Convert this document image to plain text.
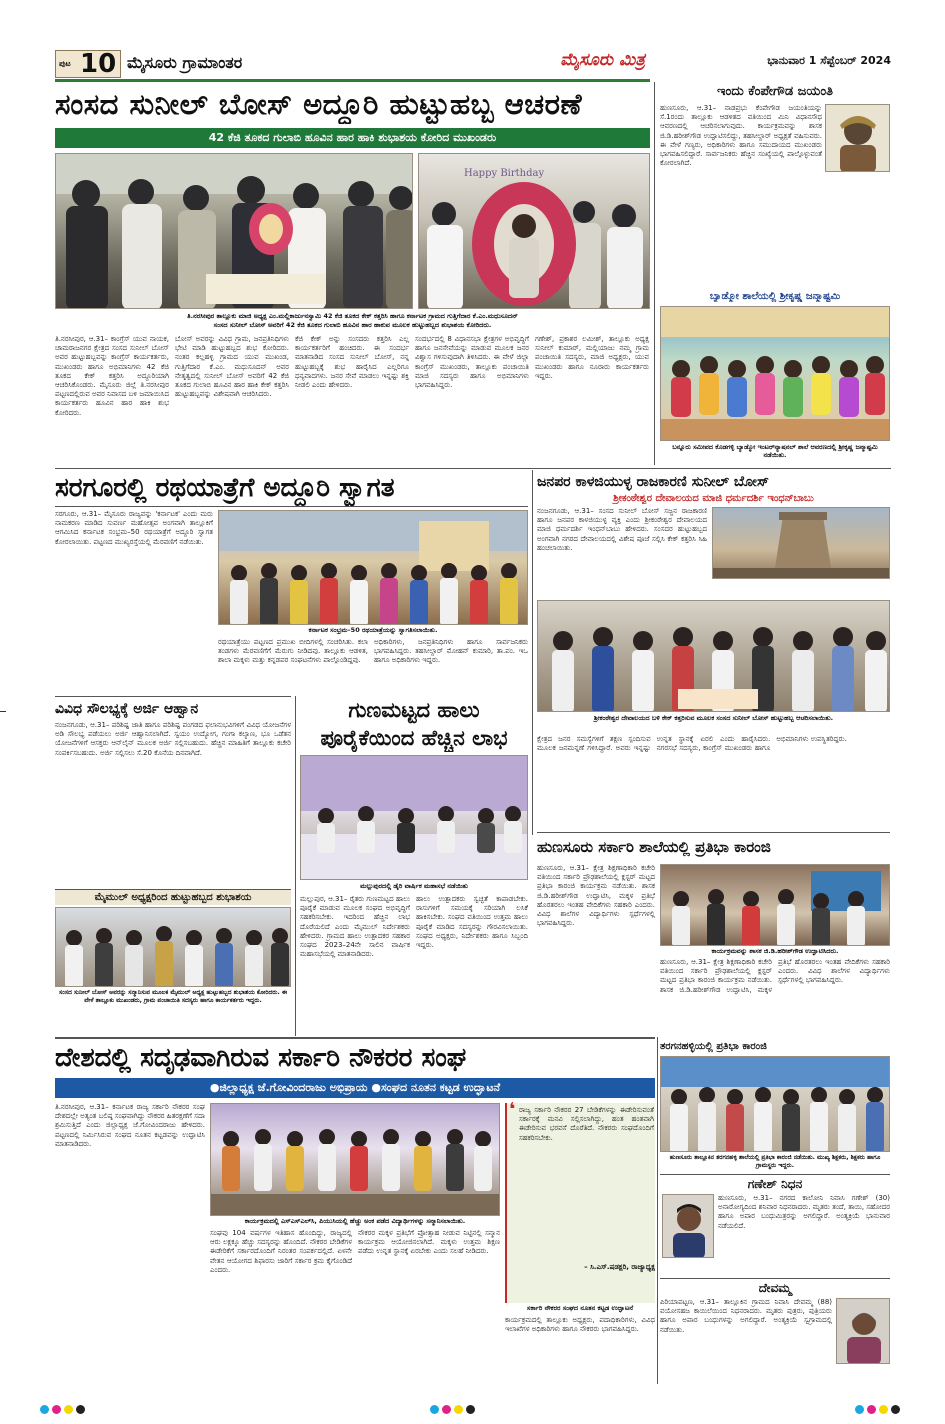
ಪುಟ 10 ಮೈಸೂರು ಗ್ರಾಮಾಂತರ	ಮೈಸೂರು ಮಿತ್ರ	ಭಾನುವಾರ 1 ಸೆಪ್ಟೆಂಬರ್ 2024
ಸಂಸದ ಸುನೀಲ್ ಬೋಸ್ ಅದ್ದೂರಿ ಹುಟ್ಟುಹಬ್ಬ ಆಚರಣೆ
42 ಕೆಜಿ ತೂಕದ ಗುಲಾಬಿ ಹೂವಿನ ಹಾರ ಹಾಕಿ ಶುಭಾಶಯ ಕೋರಿದ ಮುಖಂಡರು
Happy Birthday
ತಿ.ನರಸೀಪುರ ತಾಲ್ಲೂಕು ಮಾಜಿ ಅಧ್ಯಕ್ಷ ಎಂ.ಮಲ್ಲಿಕಾರ್ಜುನಸ್ವಾಮಿ 42 ಕೆಜಿ ತೂಕದ ಕೇಕ್ ಕತ್ತರಿಸಿ ಹಾಗೂ ಕರ್ನಾಟಕ ಗ್ರಾಮದ ಗುತ್ತಿಗೆದಾರ ಕೆ.ಎಂ.ಮಧುಸೂದನ್
ಸಂಸದ ಸುನೀಲ್ ಬೋಸ್ ಅವರಿಗೆ 42 ಕೆಜಿ ತೂಕದ ಗುಲಾಬಿ ಹೂವಿನ ಹಾರ ಹಾಕುವ ಮೂಲಕ ಹುಟ್ಟುಹಬ್ಬದ ಶುಭಾಶಯ ಕೋರಿದರು.
ತಿ.ನರಸೀಪುರ, ಆ.31– ಕಾಂಗ್ರೆಸ್ ಯುವ ನಾಯಕ, ಚಾಮರಾಜನಗರ ಕ್ಷೇತ್ರದ ಸಂಸದ ಸುನೀಲ್ ಬೋಸ್ ಅವರ ಹುಟ್ಟುಹಬ್ಬವನ್ನು ಕಾಂಗ್ರೆಸ್ ಕಾರ್ಯಕರ್ತರು, ಮುಖಂಡರು ಹಾಗೂ ಅಭಿಮಾನಿಗಳು 42 ಕೆಜಿ ತೂಕದ ಕೇಕ್ ಕತ್ತರಿಸಿ ಅದ್ದೂರಿಯಾಗಿ ಆಚರಿಸಿಕೊಂಡರು. ಮೈಸೂರು ಜಿಲ್ಲೆ ತಿ.ನರಸೀಪುರ ಪಟ್ಟಣದಲ್ಲಿರುವ ಅವರ ನಿವಾಸದ ಬಳಿ ಜಮಾಯಿಸಿದ ಕಾರ್ಯಕರ್ತರು ಹೂವಿನ ಹಾರ ಹಾಕಿ ಶುಭ ಕೋರಿದರು.
ಬೋಸ್ ಅವರನ್ನು ವಿವಿಧ ಗ್ರಾಮ, ಜನಪ್ರತಿನಿಧಿಗಳು ಭೇಟಿ ಮಾಡಿ ಹುಟ್ಟುಹಬ್ಬದ ಶುಭ ಕೋರಿದರು. ನಂತರ ಕಲ್ಲಹಳ್ಳಿ ಗ್ರಾಮದ ಯುವ ಮುಖಂಡ, ಗುತ್ತಿಗೆದಾರ ಕೆ.ಎಂ. ಮಧುಸೂದನ್ ಅವರ ನೇತೃತ್ವದಲ್ಲಿ ಸುನೀಲ್ ಬೋಸ್ ಅವರಿಗೆ 42 ಕೆಜಿ ತೂಕದ ಗುಲಾಬಿ ಹೂವಿನ ಹಾರ ಹಾಕಿ ಕೇಕ್ ಕತ್ತರಿಸಿ ಹುಟ್ಟುಹಬ್ಬವನ್ನು ವಿಶೇಷವಾಗಿ ಆಚರಿಸಿದರು.
ಕೆಜಿ ಕೇಕ್ ಅನ್ನು ಸಂಸದರು ಕತ್ತರಿಸಿ ಎಲ್ಲ ಕಾರ್ಯಕರ್ತರಿಗೆ ಹಂಚಿದರು. ಈ ಸಂದರ್ಭ ಮಾತನಾಡಿದ ಸಂಸದ ಸುನೀಲ್ ಬೋಸ್, ನನ್ನ ಹುಟ್ಟುಹಬ್ಬಕ್ಕೆ ಶುಭ ಹಾರೈಸಿದ ಎಲ್ಲರಿಗೂ ಧನ್ಯವಾದಗಳು. ಜನರ ಸೇವೆ ಮಾಡಲು ಇನ್ನಷ್ಟು ಶಕ್ತಿ ನೀಡಲಿ ಎಂದು ಹೇಳಿದರು.
ಸಂದರ್ಭದಲ್ಲಿ 8 ವಿಧಾನಸಭಾ ಕ್ಷೇತ್ರಗಳ ಅಭಿವೃದ್ಧಿಗೆ ಹಾಗೂ ಜನಸೇವೆಯನ್ನು ಮಾಡುವ ಮೂಲಕ ಜನರ ವಿಶ್ವಾಸ ಗಳಿಸುವುದಾಗಿ ತಿಳಿಸಿದರು. ಈ ವೇಳೆ ಜಿಲ್ಲಾ ಕಾಂಗ್ರೆಸ್ ಮುಖಂಡರು, ತಾಲ್ಲೂಕು ಪಂಚಾಯಿತಿ ಮಾಜಿ ಸದಸ್ಯರು ಹಾಗೂ ಅಭಿಮಾನಿಗಳು ಭಾಗವಹಿಸಿದ್ದರು.
ಗಣೇಶ್, ಪ್ರಕಾಶರ ಲಮೀಶ್, ತಾಲ್ಲೂಕು ಅಧ್ಯಕ್ಷ ಸುನೀಲ್ ಕುಮಾರ್, ಮಲ್ಲಿಯಾಜು ನಮ್ಮ ಗ್ರಾಮ ಪಂಚಾಯಿತಿ ಸದಸ್ಯರು, ಮಾಜಿ ಅಧ್ಯಕ್ಷರು, ಯುವ ಮುಖಂಡರು ಹಾಗೂ ನೂರಾರು ಕಾರ್ಯಕರ್ತರು ಇದ್ದರು.
ಇಂದು ಕೆಂಪೇಗೌಡ ಜಯಂತಿ
ಹುಣಸೂರು, ಆ.31– ನಾಡಪ್ರಭು ಕೆಂಪೇಗೌಡ ಜಯಂತಿಯನ್ನು ಸೆ.1ರಂದು ತಾಲ್ಲೂಕು ಆಡಳಿತದ ವತಿಯಿಂದ ಮಿನಿ ವಿಧಾನಸೌಧ ಆವರಣದಲ್ಲಿ ಆಚರಿಸಲಾಗುವುದು. ಕಾರ್ಯಕ್ರಮವನ್ನು ಶಾಸಕ ಜಿ.ಡಿ.ಹರೀಶ್‌ಗೌಡ ಉದ್ಘಾಟಿಸಲಿದ್ದು, ತಹಸೀಲ್ದಾರ್ ಅಧ್ಯಕ್ಷತೆ ವಹಿಸುವರು. ಈ ವೇಳೆ ಗಣ್ಯರು, ಅಧಿಕಾರಿಗಳು ಹಾಗೂ ಸಮುದಾಯದ ಮುಖಂಡರು ಭಾಗವಹಿಸಲಿದ್ದಾರೆ. ಸಾರ್ವಜನಿಕರು ಹೆಚ್ಚಿನ ಸಂಖ್ಯೆಯಲ್ಲಿ ಪಾಲ್ಗೊಳ್ಳುವಂತೆ ಕೋರಲಾಗಿದೆ.
ಬ್ಯಾಡ್ಮೋ ಶಾಲೆಯಲ್ಲಿ ಶ್ರೀಕೃಷ್ಣ ಜನ್ಮಾಷ್ಟಮಿ
ಬನ್ನೂರು ಸಮೀಪದ ಕೊಡಗಳ್ಳಿ ಬ್ಯಾಡ್ಮೋ ಇಂಟರ್‌ನ್ಯಾಷನಲ್ ಶಾಲೆ ಆವರಣದಲ್ಲಿ ಶ್ರೀಕೃಷ್ಣ ಜನ್ಮಾಷ್ಟಮಿ ನಡೆಯಿತು.
ಸರಗೂರಲ್ಲಿ ರಥಯಾತ್ರೆಗೆ ಅದ್ದೂರಿ ಸ್ವಾಗತ
ಸರಗೂರು, ಆ.31– ಮೈಸೂರು ರಾಜ್ಯವನ್ನು 'ಕರ್ನಾಟಕ' ಎಂದು ಮರು ನಾಮಕರಣ ಮಾಡಿದ ಸುವರ್ಣ ಮಹೋತ್ಸವ ಅಂಗವಾಗಿ ತಾಲ್ಲೂಕಿಗೆ ಆಗಮಿಸಿದ ಕರ್ನಾಟಕ ಸಂಭ್ರಮ–50 ರಥಯಾತ್ರೆಗೆ ಅದ್ದೂರಿ ಸ್ವಾಗತ ಕೋರಲಾಯಿತು. ಪಟ್ಟಣದ ಮುಖ್ಯರಸ್ತೆಯಲ್ಲಿ ಮೆರವಣಿಗೆ ನಡೆಯಿತು.
ಕರ್ನಾಟಕ ಸಂಭ್ರಮ–50 ರಥಯಾತ್ರೆಯನ್ನು ಸ್ವಾಗತಿಸಲಾಯಿತು.
ರಥಯಾತ್ರೆಯು ಪಟ್ಟಣದ ಪ್ರಮುಖ ಬೀದಿಗಳಲ್ಲಿ ಸಂಚರಿಸಿತು. ಕಲಾ ತಂಡಗಳು ಮೆರವಣಿಗೆಗೆ ಮೆರುಗು ನೀಡಿದವು. ತಾಲ್ಲೂಕು ಆಡಳಿತ, ಶಾಲಾ ಮಕ್ಕಳು ಮತ್ತು ಕನ್ನಡಪರ ಸಂಘಟನೆಗಳು ಪಾಲ್ಗೊಂಡಿದ್ದವು.
ಅಧಿಕಾರಿಗಳು, ಜನಪ್ರತಿನಿಧಿಗಳು ಹಾಗೂ ಸಾರ್ವಜನಿಕರು ಭಾಗವಹಿಸಿದ್ದರು. ತಹಸೀಲ್ದಾರ್ ಮೋಹನ್ ಕುಮಾರಿ, ತಾ.ಪಂ. ಇಒ ಹಾಗೂ ಅಧಿಕಾರಿಗಳು ಇದ್ದರು.
ಜನಪರ ಕಾಳಜಿಯುಳ್ಳ ರಾಜಕಾರಣಿ ಸುನೀಲ್ ಬೋಸ್
ಶ್ರೀಕಂಠೇಶ್ವರ ದೇವಾಲಯದ ಮಾಜಿ ಧರ್ಮದರ್ಶಿ ಇಂಧನ್‌ಬಾಬು
ನಂಜನಗೂಡು, ಆ.31– ಸಂಸದ ಸುನೀಲ್ ಬೋಸ್ ಸಜ್ಜನ ರಾಜಕಾರಣಿ ಹಾಗೂ ಜನಪರ ಕಾಳಜಿಯುಳ್ಳ ವ್ಯಕ್ತಿ ಎಂದು ಶ್ರೀಕಂಠೇಶ್ವರ ದೇವಾಲಯದ ಮಾಜಿ ಧರ್ಮದರ್ಶಿ ಇಂಧನ್‌ಬಾಬು ಹೇಳಿದರು. ಸಂಸದರ ಹುಟ್ಟುಹಬ್ಬದ ಅಂಗವಾಗಿ ನಗರದ ದೇವಾಲಯದಲ್ಲಿ ವಿಶೇಷ ಪೂಜೆ ಸಲ್ಲಿಸಿ ಕೇಕ್ ಕತ್ತರಿಸಿ ಸಿಹಿ ಹಂಚಲಾಯಿತು.
ಶ್ರೀಕಂಠೇಶ್ವರ ದೇವಾಲಯದ ಬಳಿ ಕೇಕ್ ಕತ್ತರಿಸುವ ಮೂಲಕ ಸಂಸದ ಸುನೀಲ್ ಬೋಸ್ ಹುಟ್ಟುಹಬ್ಬ ಆಚರಿಸಲಾಯಿತು.
ಕ್ಷೇತ್ರದ ಜನರ ಸಮಸ್ಯೆಗಳಿಗೆ ತಕ್ಷಣ ಸ್ಪಂದಿಸುವ ಮೂಲಕ ಜನಮನ್ನಣೆ ಗಳಿಸಿದ್ದಾರೆ. ಅವರು ಇನ್ನಷ್ಟು ಉನ್ನತ ಸ್ಥಾನಕ್ಕೆ ಏರಲಿ ಎಂದು ಹಾರೈಸಿದರು. ನಗರಸಭೆ ಸದಸ್ಯರು, ಕಾಂಗ್ರೆಸ್ ಮುಖಂಡರು ಹಾಗೂ ಅಭಿಮಾನಿಗಳು ಉಪಸ್ಥಿತರಿದ್ದರು.
ವಿವಿಧ ಸೌಲಭ್ಯಕ್ಕೆ ಅರ್ಜಿ ಆಹ್ವಾನ
ನಂಜನಗೂಡು, ಆ.31– ಪರಿಶಿಷ್ಟ ಜಾತಿ ಹಾಗೂ ಪರಿಶಿಷ್ಟ ಪಂಗಡದ ಫಲಾನುಭವಿಗಳಿಗೆ ವಿವಿಧ ಯೋಜನೆಗಳ ಅಡಿ ಸೌಲಭ್ಯ ಪಡೆಯಲು ಅರ್ಜಿ ಆಹ್ವಾನಿಸಲಾಗಿದೆ. ಸ್ವಯಂ ಉದ್ಯೋಗ, ಗಂಗಾ ಕಲ್ಯಾಣ, ಭೂ ಒಡೆತನ ಯೋಜನೆಗಳಿಗೆ ಆಸಕ್ತರು ಆನ್‌ಲೈನ್ ಮೂಲಕ ಅರ್ಜಿ ಸಲ್ಲಿಸಬಹುದು. ಹೆಚ್ಚಿನ ಮಾಹಿತಿಗೆ ತಾಲ್ಲೂಕು ಕಚೇರಿ ಸಂಪರ್ಕಿಸಬಹುದು. ಅರ್ಜಿ ಸಲ್ಲಿಸಲು ಸೆ.20 ಕೊನೆಯ ದಿನವಾಗಿದೆ.
ಮೈಮುಲ್ ಅಧ್ಯಕ್ಷರಿಂದ ಹುಟ್ಟುಹಬ್ಬದ ಶುಭಾಶಯ
ಸಂಸದ ಸುನೀಲ್ ಬೋಸ್ ಅವರನ್ನು ಸನ್ಮಾನಿಸುವ ಮೂಲಕ ಮೈಮುಲ್ ಅಧ್ಯಕ್ಷ ಹುಟ್ಟುಹಬ್ಬದ ಶುಭಾಶಯ ಕೋರಿದರು. ಈ ವೇಳೆ ತಾಲ್ಲೂಕು ಮುಖಂಡರು, ಗ್ರಾಮ ಪಂಚಾಯಿತಿ ಸದಸ್ಯರು ಹಾಗೂ ಕಾರ್ಯಕರ್ತರು ಇದ್ದರು.
ಗುಣಮಟ್ಟದ ಹಾಲು
ಪೂರೈಕೆಯಿಂದ ಹೆಚ್ಚಿನ ಲಾಭ
ಮಲ್ಲುಪುರದಲ್ಲಿ ಡೈರಿ ವಾರ್ಷಿಕ ಮಹಾಸಭೆ ನಡೆಯಿತು
ಮಲ್ಲುಪುರ, ಆ.31– ರೈತರು ಗುಣಮಟ್ಟದ ಹಾಲು ಪೂರೈಕೆ ಮಾಡುವ ಮೂಲಕ ಸಂಘದ ಅಭಿವೃದ್ಧಿಗೆ ಸಹಕರಿಸಬೇಕು. ಇದರಿಂದ ಹೆಚ್ಚಿನ ಲಾಭ ದೊರೆಯಲಿದೆ ಎಂದು ಮೈಮುಲ್ ನಿರ್ದೇಶಕರು ಹೇಳಿದರು. ಗ್ರಾಮದ ಹಾಲು ಉತ್ಪಾದಕರ ಸಹಕಾರ ಸಂಘದ 2023–24ನೇ ಸಾಲಿನ ವಾರ್ಷಿಕ ಮಹಾಸಭೆಯಲ್ಲಿ ಮಾತನಾಡಿದರು.
ಹಾಲು ಉತ್ಪಾದಕರು ಸ್ವಚ್ಛತೆ ಕಾಪಾಡಬೇಕು. ರಾಸುಗಳಿಗೆ ಸಮಯಕ್ಕೆ ಸರಿಯಾಗಿ ಲಸಿಕೆ ಹಾಕಿಸಬೇಕು. ಸಂಘದ ವತಿಯಿಂದ ಉತ್ತಮ ಹಾಲು ಪೂರೈಕೆ ಮಾಡಿದ ಸದಸ್ಯರನ್ನು ಗೌರವಿಸಲಾಯಿತು. ಸಂಘದ ಅಧ್ಯಕ್ಷರು, ನಿರ್ದೇಶಕರು ಹಾಗೂ ಸಿಬ್ಬಂದಿ ಇದ್ದರು.
ಹುಣಸೂರು ಸರ್ಕಾರಿ ಶಾಲೆಯಲ್ಲಿ ಪ್ರತಿಭಾ ಕಾರಂಜಿ
ಹುಣಸೂರು, ಆ.31– ಕ್ಷೇತ್ರ ಶಿಕ್ಷಣಾಧಿಕಾರಿ ಕಚೇರಿ ವತಿಯಿಂದ ಸರ್ಕಾರಿ ಪ್ರೌಢಶಾಲೆಯಲ್ಲಿ ಕ್ಲಸ್ಟರ್ ಮಟ್ಟದ ಪ್ರತಿಭಾ ಕಾರಂಜಿ ಕಾರ್ಯಕ್ರಮ ನಡೆಯಿತು. ಶಾಸಕ ಜಿ.ಡಿ.ಹರೀಶ್‌ಗೌಡ ಉದ್ಘಾಟಿಸಿ, ಮಕ್ಕಳ ಪ್ರತಿಭೆ ಹೊರತರಲು ಇಂತಹ ವೇದಿಕೆಗಳು ಸಹಕಾರಿ ಎಂದರು. ವಿವಿಧ ಶಾಲೆಗಳ ವಿದ್ಯಾರ್ಥಿಗಳು ಸ್ಪರ್ಧೆಗಳಲ್ಲಿ ಭಾಗವಹಿಸಿದ್ದರು.
ಕಾರ್ಯಕ್ರಮವನ್ನು ಶಾಸಕ ಜಿ.ಡಿ.ಹರೀಶ್‌ಗೌಡ ಉದ್ಘಾಟಿಸಿದರು.
ಹುಣಸೂರು, ಆ.31– ಕ್ಷೇತ್ರ ಶಿಕ್ಷಣಾಧಿಕಾರಿ ಕಚೇರಿ ವತಿಯಿಂದ ಸರ್ಕಾರಿ ಪ್ರೌಢಶಾಲೆಯಲ್ಲಿ ಕ್ಲಸ್ಟರ್ ಮಟ್ಟದ ಪ್ರತಿಭಾ ಕಾರಂಜಿ ಕಾರ್ಯಕ್ರಮ ನಡೆಯಿತು. ಶಾಸಕ ಜಿ.ಡಿ.ಹರೀಶ್‌ಗೌಡ ಉದ್ಘಾಟಿಸಿ, ಮಕ್ಕಳ ಪ್ರತಿಭೆ ಹೊರತರಲು ಇಂತಹ ವೇದಿಕೆಗಳು ಸಹಕಾರಿ ಎಂದರು. ವಿವಿಧ ಶಾಲೆಗಳ ವಿದ್ಯಾರ್ಥಿಗಳು ಸ್ಪರ್ಧೆಗಳಲ್ಲಿ ಭಾಗವಹಿಸಿದ್ದರು.
ದೇಶದಲ್ಲಿ ಸದೃಢವಾಗಿರುವ ಸರ್ಕಾರಿ ನೌಕರರ ಸಂಘ
●ಜಿಲ್ಲಾಧ್ಯಕ್ಷ ಜೆ.ಗೋವಿಂದರಾಜು ಅಭಿಪ್ರಾಯ ●ಸಂಘದ ನೂತನ ಕಟ್ಟಡ ಉದ್ಘಾಟನೆ
ತಿ.ನರಸೀಪುರ, ಆ.31– ಕರ್ನಾಟಕ ರಾಜ್ಯ ಸರ್ಕಾರಿ ನೌಕರರ ಸಂಘ ದೇಶದಲ್ಲೇ ಅತ್ಯಂತ ಬಲಿಷ್ಠ ಸಂಘವಾಗಿದ್ದು ನೌಕರರ ಹಿತರಕ್ಷಣೆಗೆ ಸದಾ ಶ್ರಮಿಸುತ್ತಿದೆ ಎಂದು ಜಿಲ್ಲಾಧ್ಯಕ್ಷ ಜೆ.ಗೋವಿಂದರಾಜು ಹೇಳಿದರು. ಪಟ್ಟಣದಲ್ಲಿ ನಿರ್ಮಿಸಿರುವ ಸಂಘದ ನೂತನ ಕಟ್ಟಡವನ್ನು ಉದ್ಘಾಟಿಸಿ ಮಾತನಾಡಿದರು.
ಕಾರ್ಯಕ್ರಮದಲ್ಲಿ ಎಸ್‌ಎಸ್‌ಎಲ್‌ಸಿ, ಪಿಯುಸಿಯಲ್ಲಿ ಹೆಚ್ಚು ಅಂಕ ಪಡೆದ ವಿದ್ಯಾರ್ಥಿಗಳನ್ನು ಸನ್ಮಾನಿಸಲಾಯಿತು.
ಸಂಘವು 104 ವರ್ಷಗಳ ಇತಿಹಾಸ ಹೊಂದಿದ್ದು, ರಾಜ್ಯದಲ್ಲಿ ಆರು ಲಕ್ಷಕ್ಕೂ ಹೆಚ್ಚು ಸದಸ್ಯರನ್ನು ಹೊಂದಿದೆ. ನೌಕರರ ಬೇಡಿಕೆಗಳ ಈಡೇರಿಕೆಗೆ ಸರ್ಕಾರದೊಂದಿಗೆ ನಿರಂತರ ಸಂಪರ್ಕದಲ್ಲಿದೆ. ಏಳನೇ ವೇತನ ಆಯೋಗದ ಶಿಫಾರಸು ಜಾರಿಗೆ ಸರ್ಕಾರ ಕ್ರಮ ಕೈಗೊಂಡಿದೆ ಎಂದರು.
ನೌಕರರ ಮಕ್ಕಳ ಪ್ರತಿಭೆಗೆ ಪ್ರೋತ್ಸಾಹ ನೀಡುವ ನಿಟ್ಟಿನಲ್ಲಿ ಸನ್ಮಾನ ಕಾರ್ಯಕ್ರಮ ಆಯೋಜಿಸಲಾಗಿದೆ. ಮಕ್ಕಳು ಉತ್ತಮ ಶಿಕ್ಷಣ ಪಡೆದು ಉನ್ನತ ಸ್ಥಾನಕ್ಕೆ ಏರಬೇಕು ಎಂದು ಸಲಹೆ ನೀಡಿದರು.
❛ ರಾಜ್ಯ ಸರ್ಕಾರಿ ನೌಕರರ 27 ಬೇಡಿಕೆಗಳನ್ನು ಈಡೇರಿಸುವಂತೆ ಸರ್ಕಾರಕ್ಕೆ ಮನವಿ ಸಲ್ಲಿಸಲಾಗಿದ್ದು, ಹಂತ ಹಂತವಾಗಿ ಈಡೇರಿಸುವ ಭರವಸೆ ದೊರೆತಿದೆ. ನೌಕರರು ಸಂಘದೊಂದಿಗೆ ಸಹಕರಿಸಬೇಕು.
– ಸಿ.ಎಸ್.ಷಡಕ್ಷರಿ, ರಾಜ್ಯಾಧ್ಯಕ್ಷ
ಸರ್ಕಾರಿ ನೌಕರರ ಸಂಘದ ನೂತನ ಕಟ್ಟಡ ಉದ್ಘಾಟನೆ
ಕಾರ್ಯಕ್ರಮದಲ್ಲಿ ತಾಲ್ಲೂಕು ಅಧ್ಯಕ್ಷರು, ಪದಾಧಿಕಾರಿಗಳು, ವಿವಿಧ ಇಲಾಖೆಗಳ ಅಧಿಕಾರಿಗಳು ಹಾಗೂ ನೌಕರರು ಭಾಗವಹಿಸಿದ್ದರು.
ತರಗನಹಳ್ಳಿಯಲ್ಲಿ ಪ್ರತಿಭಾ ಕಾರಂಜಿ
ಹುಣಸೂರು ತಾಲ್ಲೂಕಿನ ತರಗನಹಳ್ಳಿ ಶಾಲೆಯಲ್ಲಿ ಪ್ರತಿಭಾ ಕಾರಂಜಿ ನಡೆಯಿತು. ಮುಖ್ಯ ಶಿಕ್ಷಕರು, ಶಿಕ್ಷಕರು ಹಾಗೂ ಗ್ರಾಮಸ್ಥರು ಇದ್ದರು.
ಗಣೇಶ್ ನಿಧನ
ಹುಣಸೂರು, ಆ.31– ನಗರದ ಕಾಲೋನಿ ನಿವಾಸಿ ಗಣೇಶ್ (30) ಅನಾರೋಗ್ಯದಿಂದ ಶನಿವಾರ ನಿಧನರಾದರು. ಮೃತರು ತಂದೆ, ತಾಯಿ, ಸಹೋದರ ಹಾಗೂ ಅಪಾರ ಬಂಧುಮಿತ್ರರನ್ನು ಅಗಲಿದ್ದಾರೆ. ಅಂತ್ಯಕ್ರಿಯೆ ಭಾನುವಾರ ನಡೆಯಲಿದೆ.
ದೇವಮ್ಮ
ಪಿರಿಯಾಪಟ್ಟಣ, ಆ.31– ತಾಲ್ಲೂಕಿನ ಗ್ರಾಮದ ನಿವಾಸಿ ದೇವಮ್ಮ (88) ವಯೋಸಹಜ ಕಾಯಿಲೆಯಿಂದ ನಿಧನರಾದರು. ಮೃತರು ಪುತ್ರರು, ಪುತ್ರಿಯರು ಹಾಗೂ ಅಪಾರ ಬಂಧುಗಳನ್ನು ಅಗಲಿದ್ದಾರೆ. ಅಂತ್ಯಕ್ರಿಯೆ ಸ್ವಗ್ರಾಮದಲ್ಲಿ ನಡೆಯಿತು.
